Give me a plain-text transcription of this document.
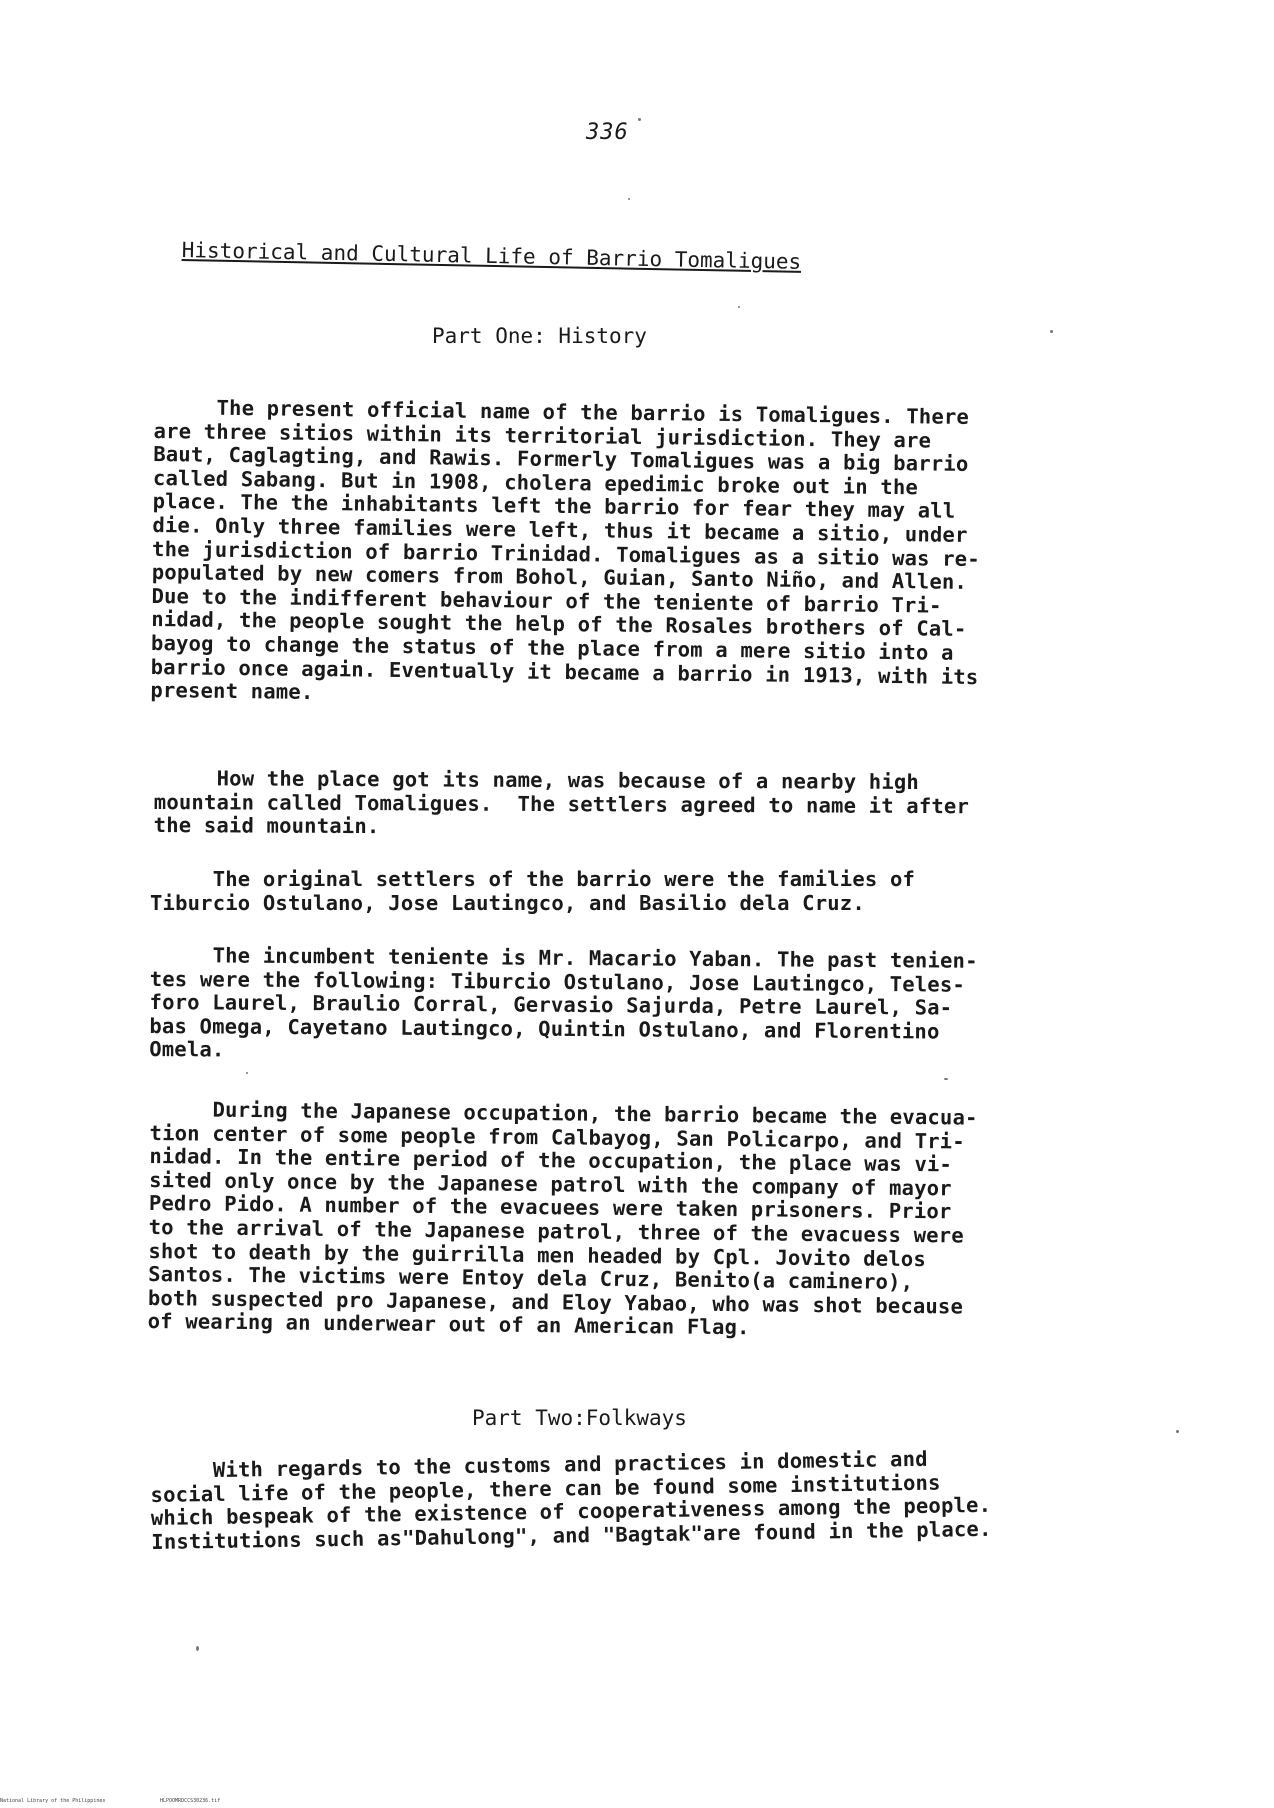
336
Historical and Cultural Life of Barrio Tomaligues
Part One: History
The present official name of the barrio is Tomaligues. There
are three sitios within its territorial jurisdiction. They are
Baut, Caglagting, and Rawis. Formerly Tomaligues was a big barrio
called Sabang. But in 1908, cholera epedimic broke out in the
place. The the inhabitants left the barrio for fear they may all
die. Only three families were left, thus it became a sitio, under
the jurisdiction of barrio Trinidad. Tomaligues as a sitio was re-
populated by new comers from Bohol, Guian, Santo Niño, and Allen.
Due to the indifferent behaviour of the teniente of barrio Tri-
nidad, the people sought the help of the Rosales brothers of Cal-
bayog to change the status of the place from a mere sitio into a
barrio once again. Eventually it became a barrio in 1913, with its
present name.
How the place got its name, was because of a nearby high
mountain called Tomaligues.  The settlers agreed to name it after
the said mountain.
The original settlers of the barrio were the families of
Tiburcio Ostulano, Jose Lautingco, and Basilio dela Cruz.
The incumbent teniente is Mr. Macario Yaban. The past tenien-
tes were the following: Tiburcio Ostulano, Jose Lautingco, Teles-
foro Laurel, Braulio Corral, Gervasio Sajurda, Petre Laurel, Sa-
bas Omega, Cayetano Lautingco, Quintin Ostulano, and Florentino
Omela.
During the Japanese occupation, the barrio became the evacua-
tion center of some people from Calbayog, San Policarpo, and Tri-
nidad. In the entire period of the occupation, the place was vi-
sited only once by the Japanese patrol with the company of mayor
Pedro Pido. A number of the evacuees were taken prisoners. Prior
to the arrival of the Japanese patrol, three of the evacuess were
shot to death by the guirrilla men headed by Cpl. Jovito delos
Santos. The victims were Entoy dela Cruz, Benito(a caminero),
both suspected pro Japanese, and Eloy Yabao, who was shot because
of wearing an underwear out of an American Flag.
Part Two:Folkways
With regards to the customs and practices in domestic and
social life of the people, there can be found some institutions
which bespeak of the existence of cooperativeness among the people.
Institutions such as"Dahulong", and "Bagtak"are found in the place.
National Library of the Philippines	HLPOOMRDCCS30236.tif
